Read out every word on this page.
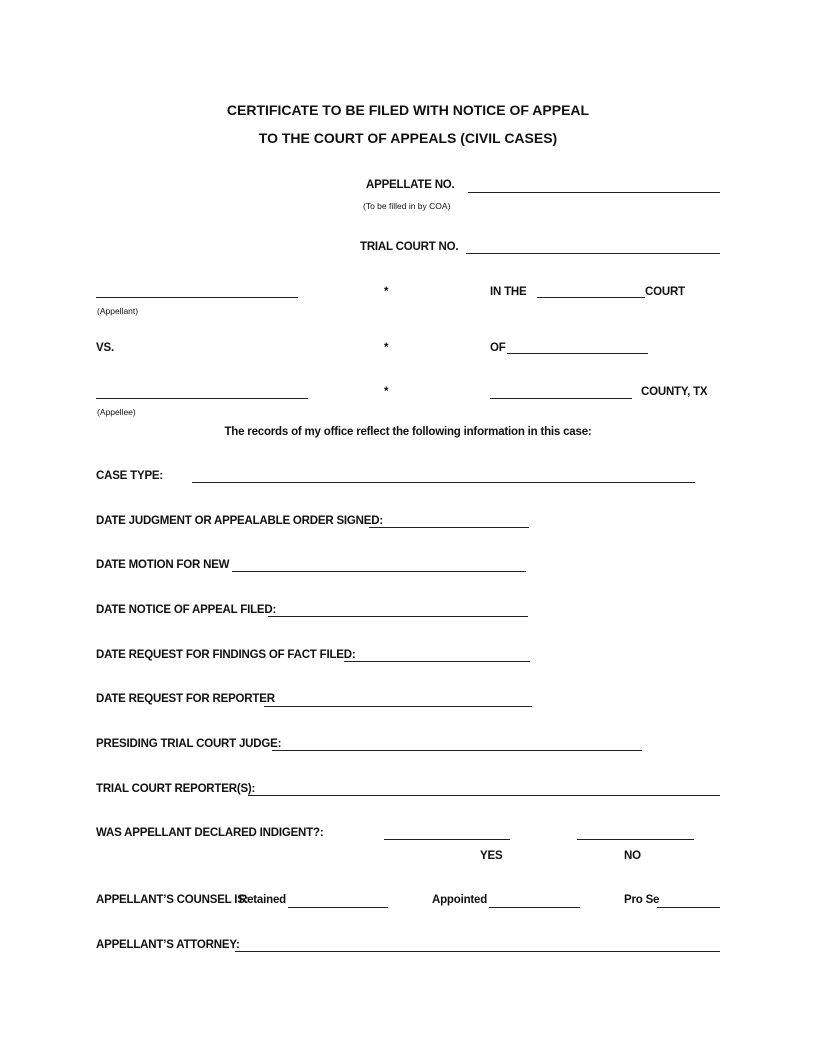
CERTIFICATE TO BE FILED WITH NOTICE OF APPEAL
TO THE COURT OF APPEALS (CIVIL CASES)
APPELLATE NO.
(To be filled in by COA)
TRIAL COURT NO.
(Appellant)
*	IN THE	COURT
VS.	*	OF
(Appellee)
*	COUNTY, TX
The records of my office reflect the following information in this case:
CASE TYPE:
DATE JUDGMENT OR APPEALABLE ORDER SIGNED:
DATE MOTION FOR NEW
DATE NOTICE OF APPEAL FILED:
DATE REQUEST FOR FINDINGS OF FACT FILED:
DATE REQUEST FOR REPORTER
PRESIDING TRIAL COURT JUDGE:
TRIAL COURT REPORTER(S):
WAS APPELLANT DECLARED INDIGENT?:
YES	NO
APPELLANT’S COUNSEL IS:
Retained	Appointed	Pro Se
APPELLANT’S ATTORNEY:
